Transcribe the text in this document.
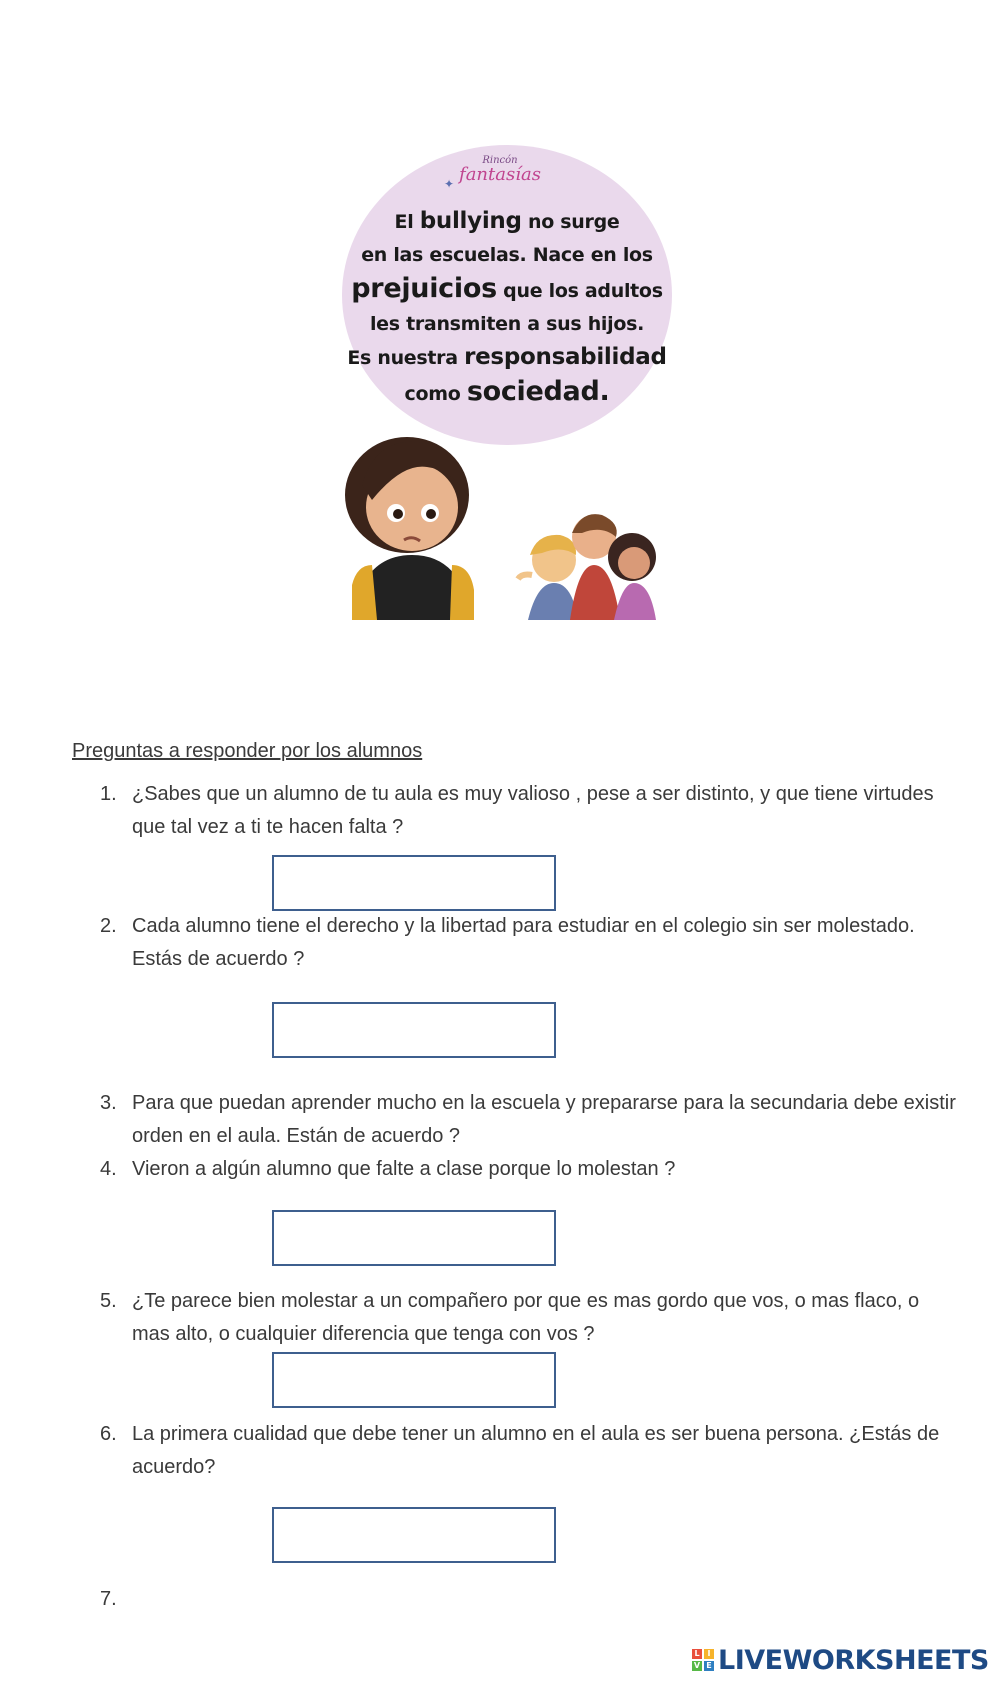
✦
Rincón
fantasías
El bullying no surge
en las escuelas. Nace en los
prejuicios que los adultos
les transmiten a sus hijos.
Es nuestra responsabilidad
como sociedad.
Preguntas a responder por los alumnos
1. ¿Sabes que un alumno de tu aula es muy valioso , pese a ser distinto, y que tiene virtudes que tal vez a ti te hacen falta ?
2. Cada alumno tiene el derecho y la libertad para estudiar en el colegio sin ser molestado. Estás de acuerdo ?
3. Para que puedan aprender mucho en la escuela y prepararse para la secundaria debe existir orden en el aula. Están de acuerdo ?
4. Vieron a algún alumno que falte a clase porque lo molestan ?
5. ¿Te parece bien molestar a un compañero por que es mas gordo que vos, o mas flaco, o mas alto, o cualquier diferencia que tenga con vos ?
6. La primera cualidad que debe tener un alumno en el aula es ser buena persona. ¿Estás de acuerdo?
7.
L I
V E LIVEWORKSHEETS
